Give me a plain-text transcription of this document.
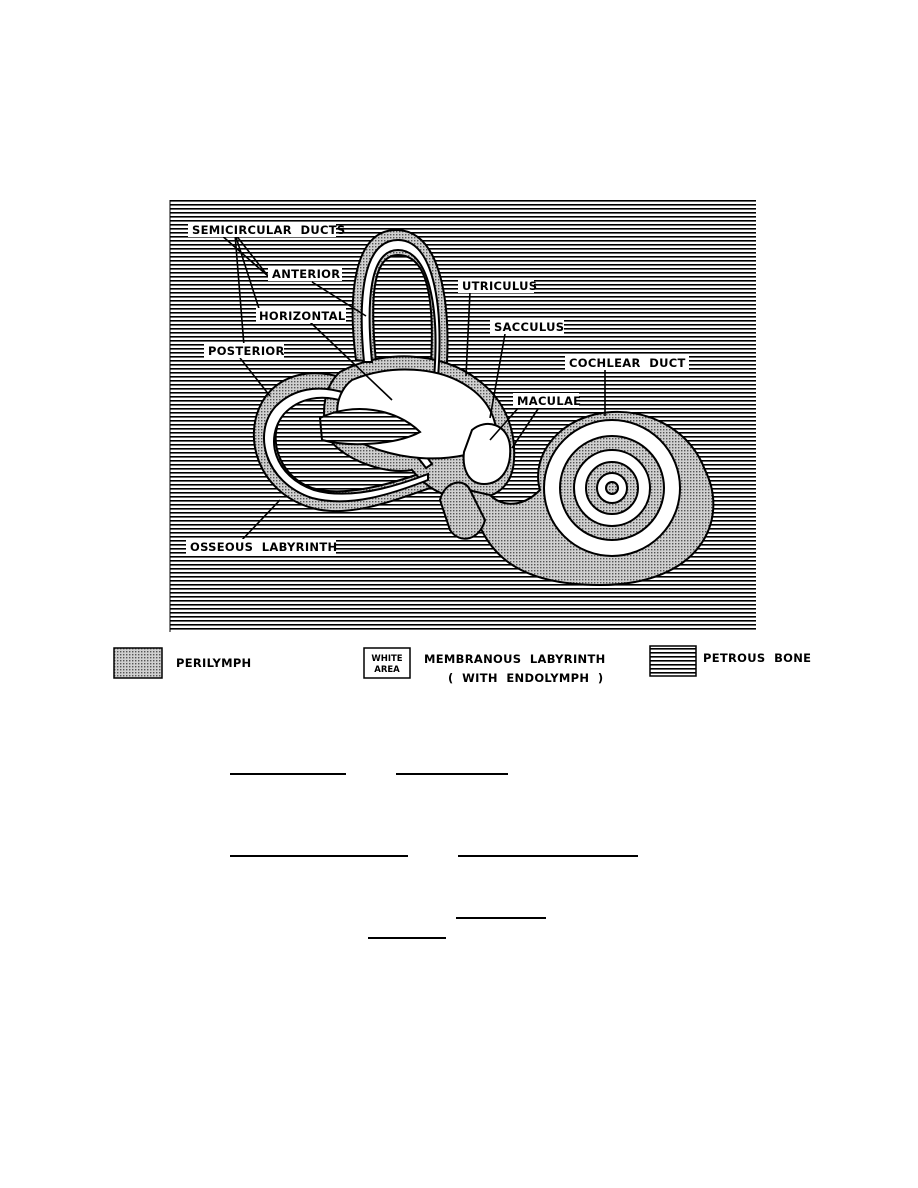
SEMICIRCULAR  DUCTS
ANTERIOR
HORIZONTAL
POSTERIOR
UTRICULUS
SACCULUS
COCHLEAR  DUCT
MACULAE
OSSEOUS  LABYRINTH
WHITE
AREA
PERILYMPH	MEMBRANOUS  LABYRINTH
(  WITH  ENDOLYMPH  )
PETROUS  BONE
